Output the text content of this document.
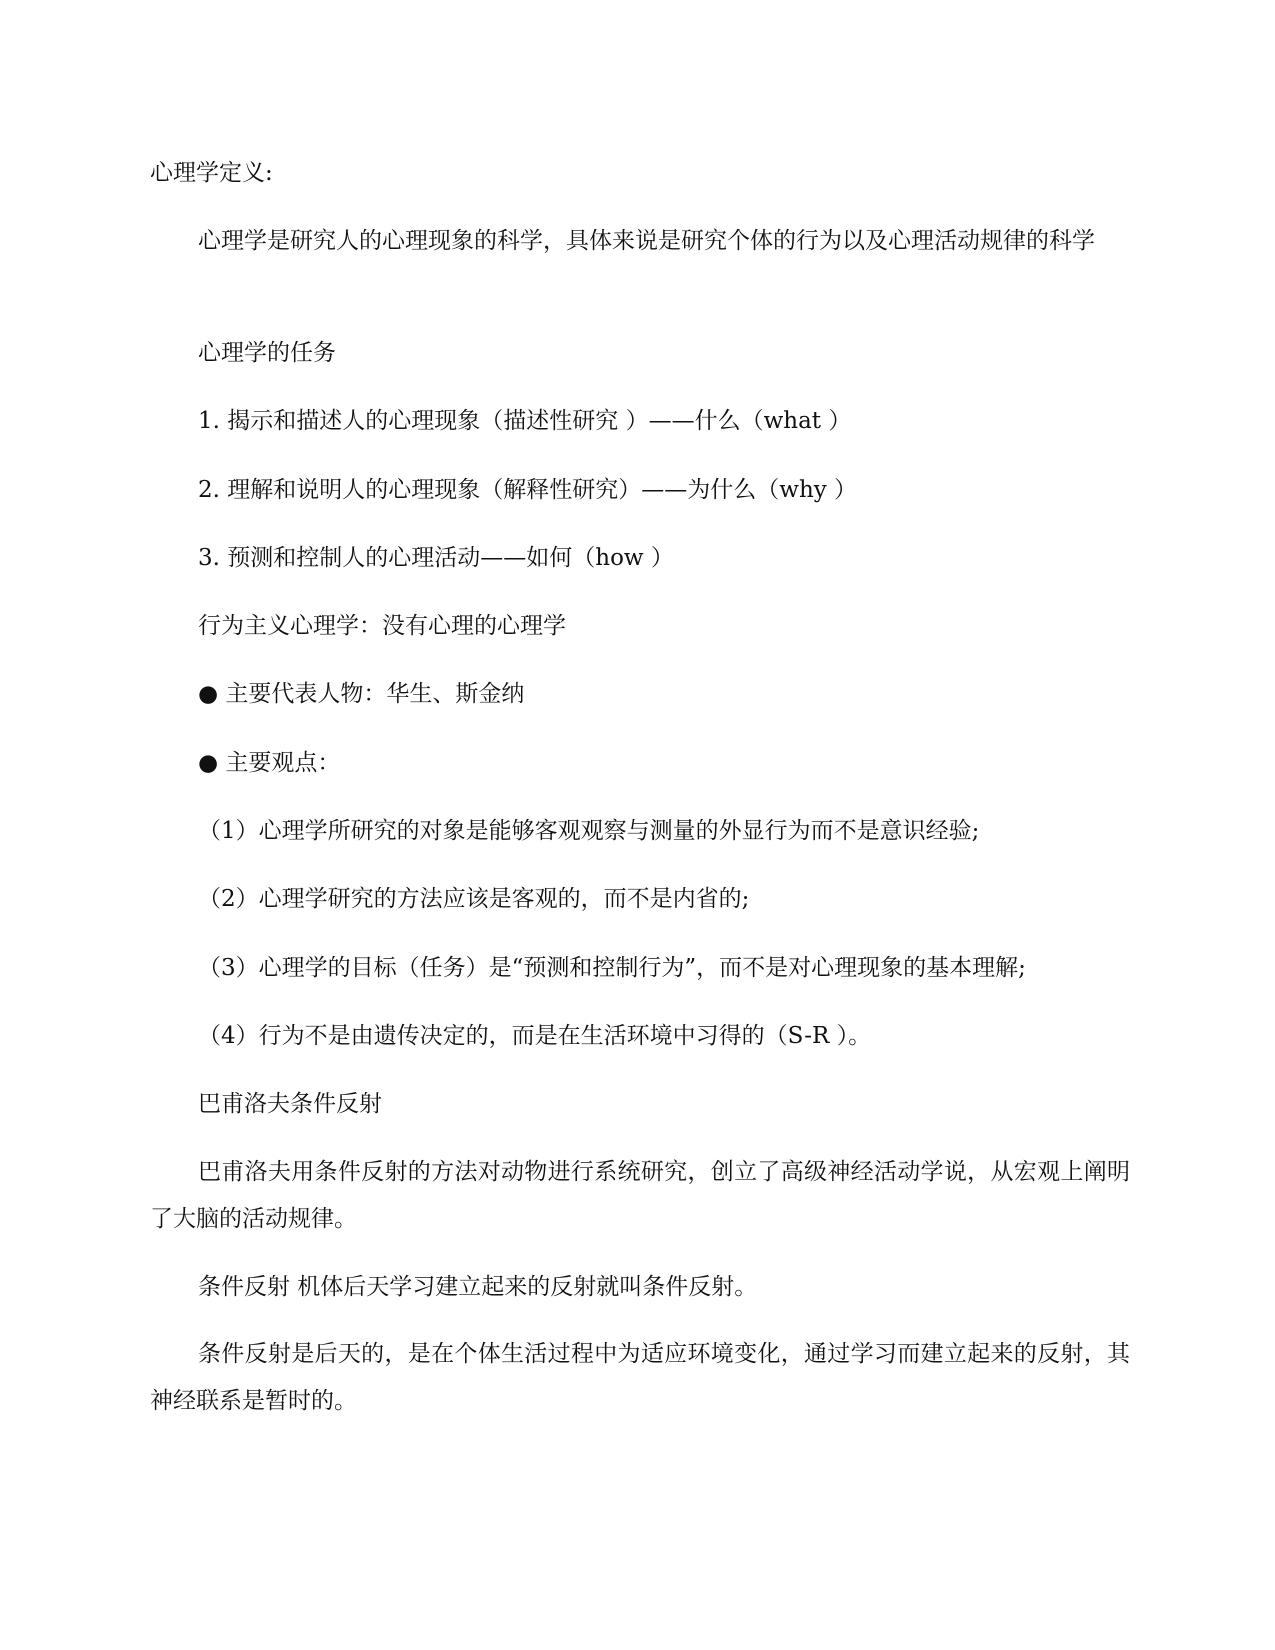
心理学定义:
心理学是研究人的心理现象的科学，具体来说是研究个体的行为以及心理活动规律的科学
心理学的任务
1. 揭示和描述人的心理现象（描述性研究 ）——什么（what ）
2. 理解和说明人的心理现象（解释性研究）——为什么（why ）
3. 预测和控制人的心理活动——如何（how ）
行为主义心理学：没有心理的心理学
● 主要代表人物：华生、斯金纳
● 主要观点：
（1）心理学所研究的对象是能够客观观察与测量的外显行为而不是意识经验;
（2）心理学研究的方法应该是客观的，而不是内省的;
（3）心理学的目标（任务）是“预测和控制行为”，而不是对心理现象的基本理解;
（4）行为不是由遗传决定的，而是在生活环境中习得的（S-R ）。
巴甫洛夫条件反射
巴甫洛夫用条件反射的方法对动物进行系统研究，创立了高级神经活动学说，从宏观上阐明了大脑的活动规律。
条件反射 机体后天学习建立起来的反射就叫条件反射。
条件反射是后天的，是在个体生活过程中为适应环境变化，通过学习而建立起来的反射，其神经联系是暂时的。
